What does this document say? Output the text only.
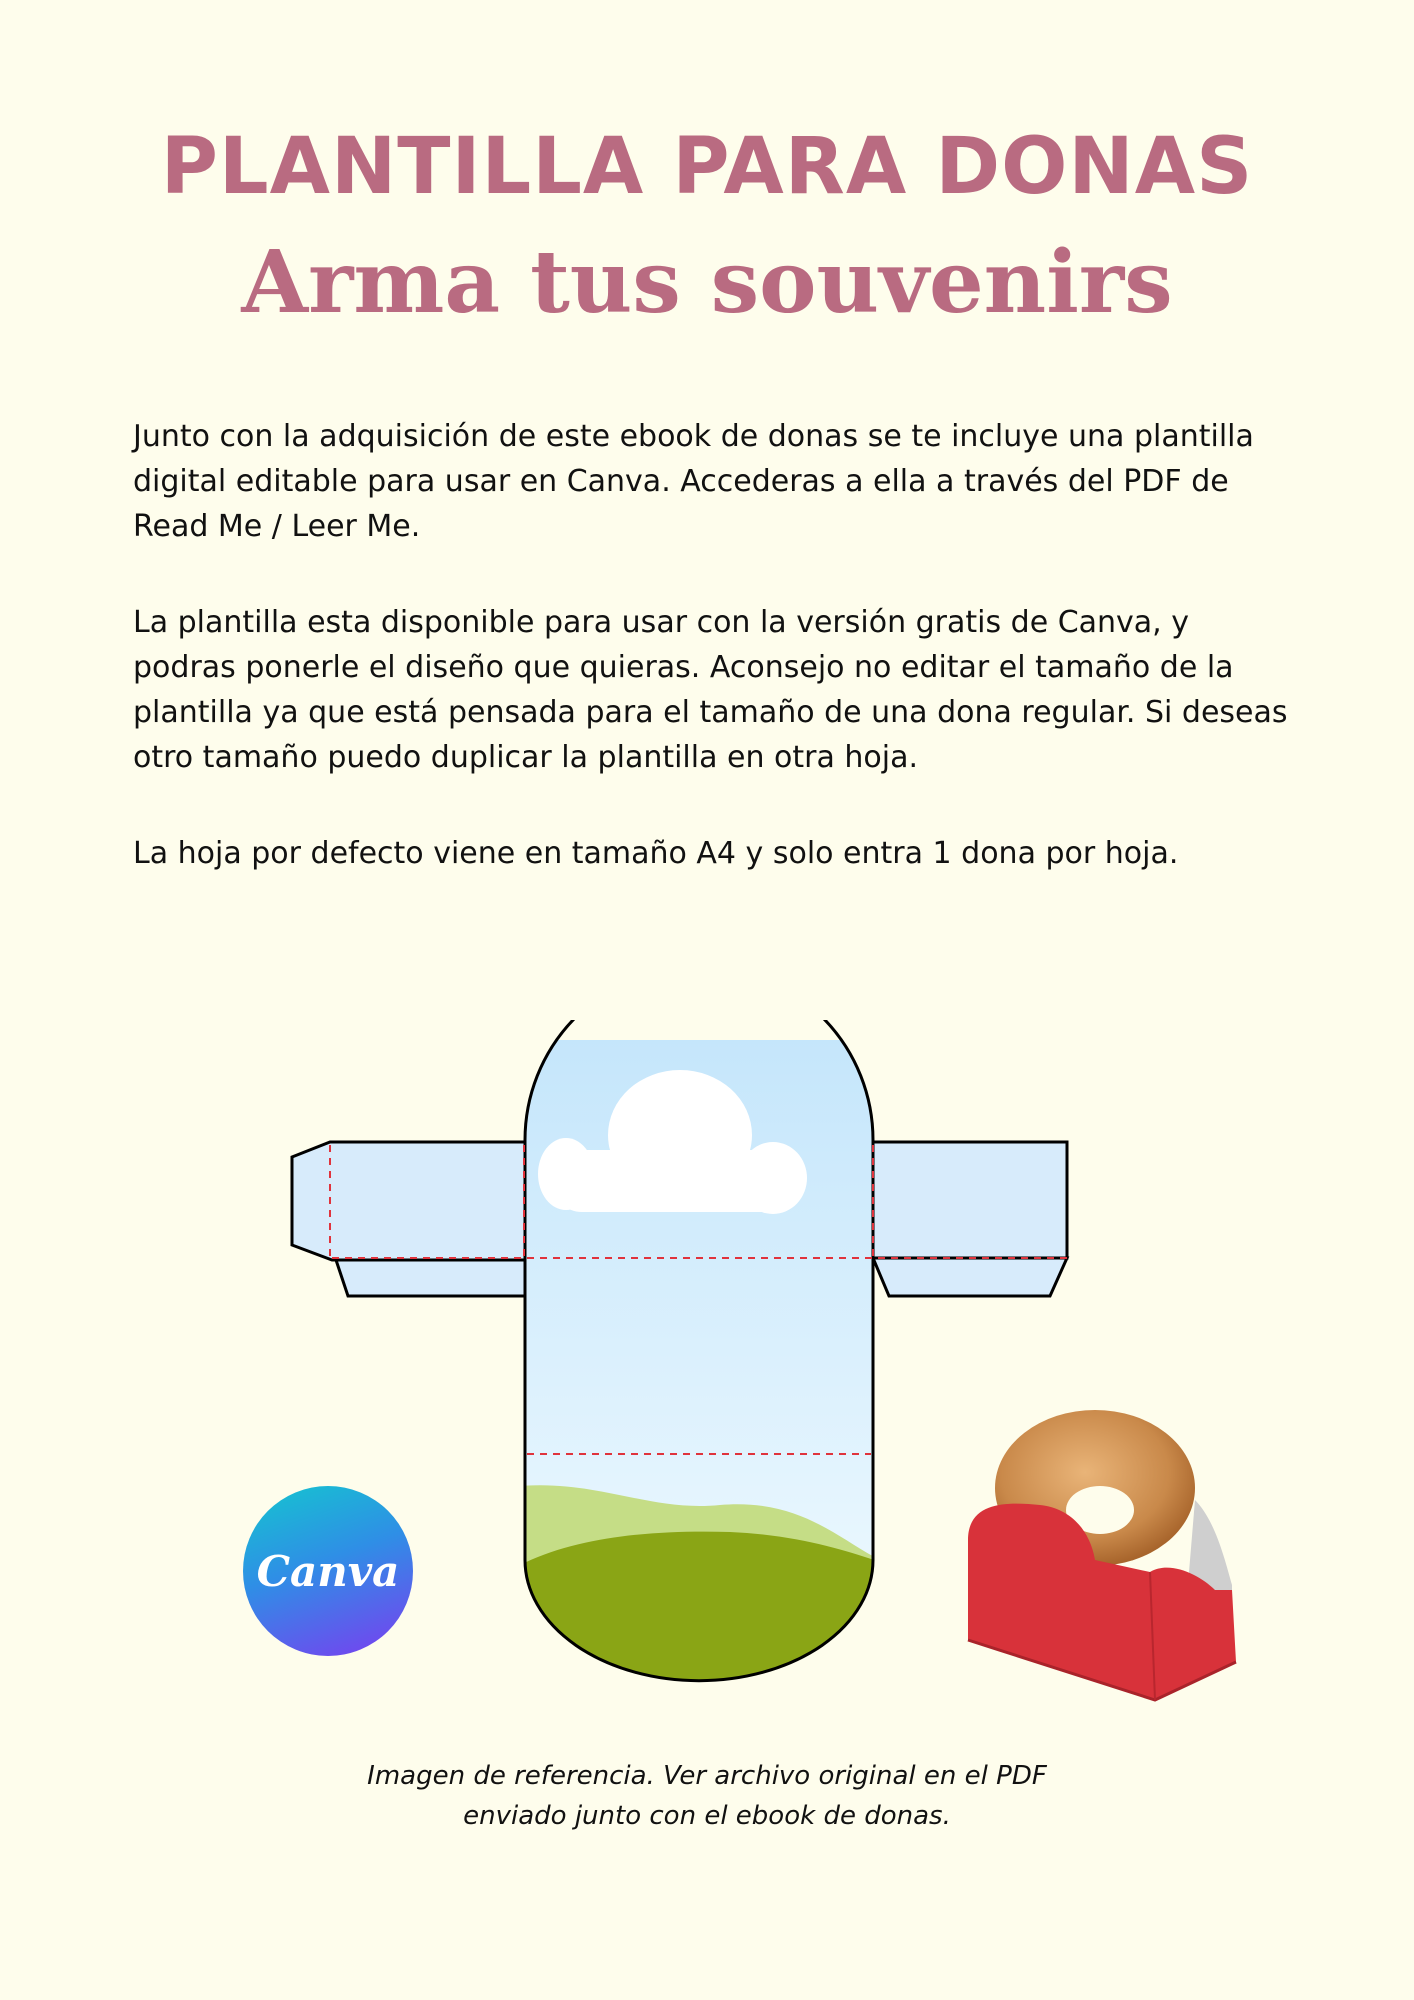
PLANTILLA PARA DONAS
Arma tus souvenirs

Junto con la adquisición de este ebook de donas se te incluye una plantilla digital editable para usar en Canva. Accederas a ella a través del PDF de Read Me / Leer Me.

La plantilla esta disponible para usar con la versión gratis de Canva, y podras ponerle el diseño que quieras. Aconsejo no editar el tamaño de la plantilla ya que está pensada para el tamaño de una dona regular. Si deseas otro tamaño puedo duplicar la plantilla en otra hoja.

La hoja por defecto viene en tamaño A4 y solo entra 1 dona por hoja.

Canva
Imagen de referencia. Ver archivo original en el PDF
enviado junto con el ebook de donas.
